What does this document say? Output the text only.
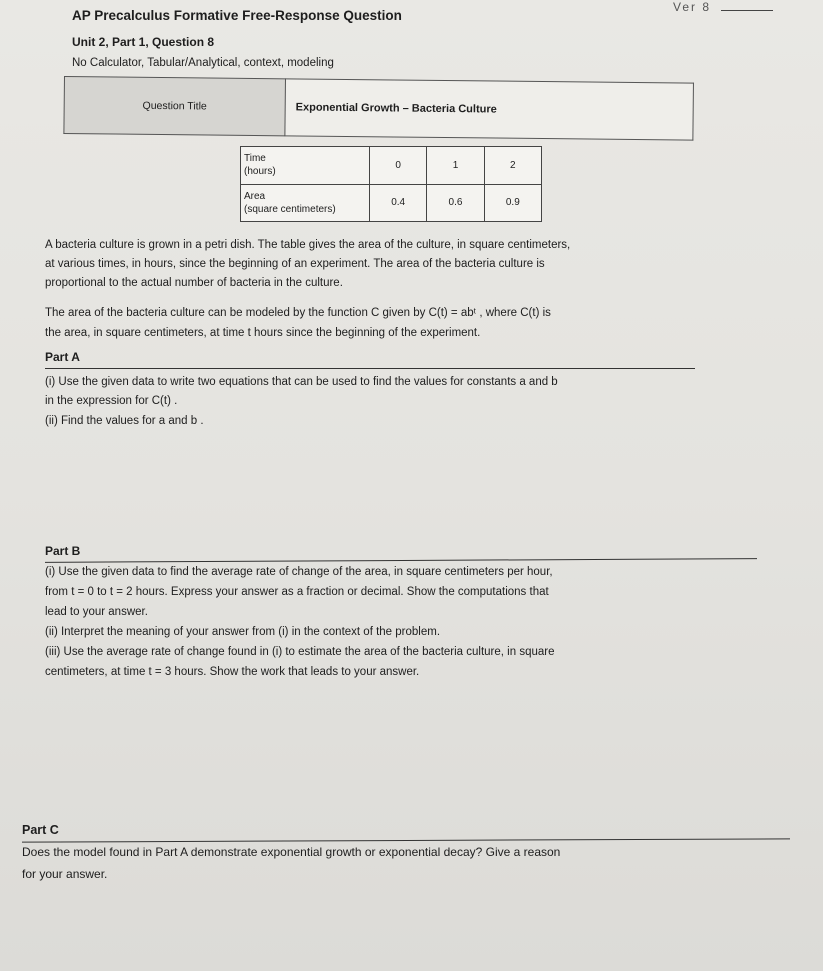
Ver 8
AP Precalculus Formative Free-Response Question
Unit 2, Part 1, Question 8
No Calculator, Tabular/Analytical, context, modeling
Question Title	Exponential Growth – Bacteria Culture
Time
(hours)	0	1	2
Area
(square centimeters)	0.4	0.6	0.9
A bacteria culture is grown in a petri dish. The table gives the area of the culture, in square centimeters,
at various times, in hours, since the beginning of an experiment. The area of the bacteria culture is
proportional to the actual number of bacteria in the culture.
The area of the bacteria culture can be modeled by the function C given by C(t) = abᵗ , where C(t) is
the area, in square centimeters, at time t hours since the beginning of the experiment.
Part A
(i) Use the given data to write two equations that can be used to find the values for constants a and b
in the expression for C(t) .
(ii) Find the values for a and b .
Part B
(i) Use the given data to find the average rate of change of the area, in square centimeters per hour,
from t = 0 to t = 2 hours. Express your answer as a fraction or decimal. Show the computations that
lead to your answer.
(ii) Interpret the meaning of your answer from (i) in the context of the problem.
(iii) Use the average rate of change found in (i) to estimate the area of the bacteria culture, in square
centimeters, at time t = 3 hours. Show the work that leads to your answer.
Part C
Does the model found in Part A demonstrate exponential growth or exponential decay? Give a reason
for your answer.
